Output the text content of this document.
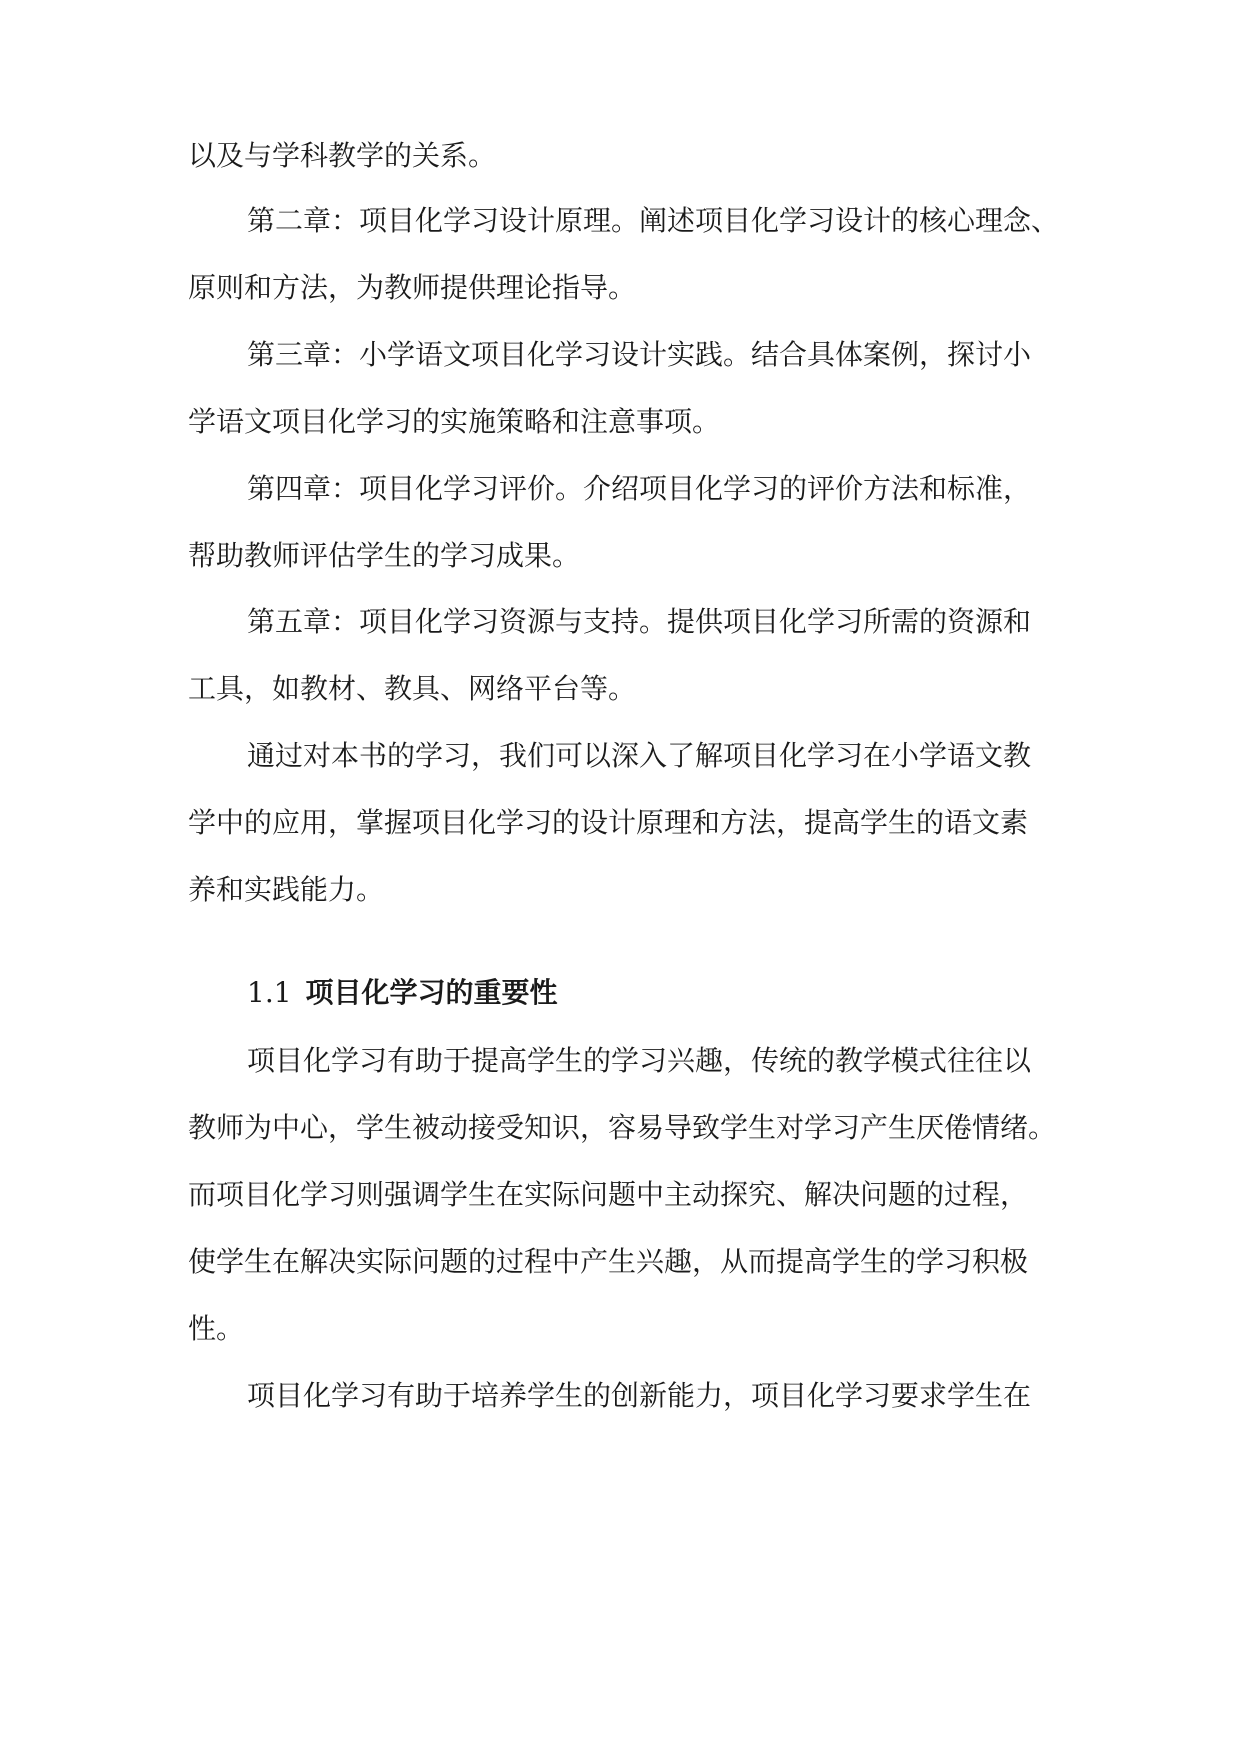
以及与学科教学的关系。
第二章：项目化学习设计原理。阐述项目化学习设计的核心理念、
原则和方法，为教师提供理论指导。
第三章：小学语文项目化学习设计实践。结合具体案例，探讨小
学语文项目化学习的实施策略和注意事项。
第四章：项目化学习评价。介绍项目化学习的评价方法和标准，
帮助教师评估学生的学习成果。
第五章：项目化学习资源与支持。提供项目化学习所需的资源和
工具，如教材、教具、网络平台等。
通过对本书的学习，我们可以深入了解项目化学习在小学语文教
学中的应用，掌握项目化学习的设计原理和方法，提高学生的语文素
养和实践能力。
1.1 项目化学习的重要性
项目化学习有助于提高学生的学习兴趣，传统的教学模式往往以
教师为中心，学生被动接受知识，容易导致学生对学习产生厌倦情绪。
而项目化学习则强调学生在实际问题中主动探究、解决问题的过程，
使学生在解决实际问题的过程中产生兴趣，从而提高学生的学习积极
性。
项目化学习有助于培养学生的创新能力，项目化学习要求学生在
